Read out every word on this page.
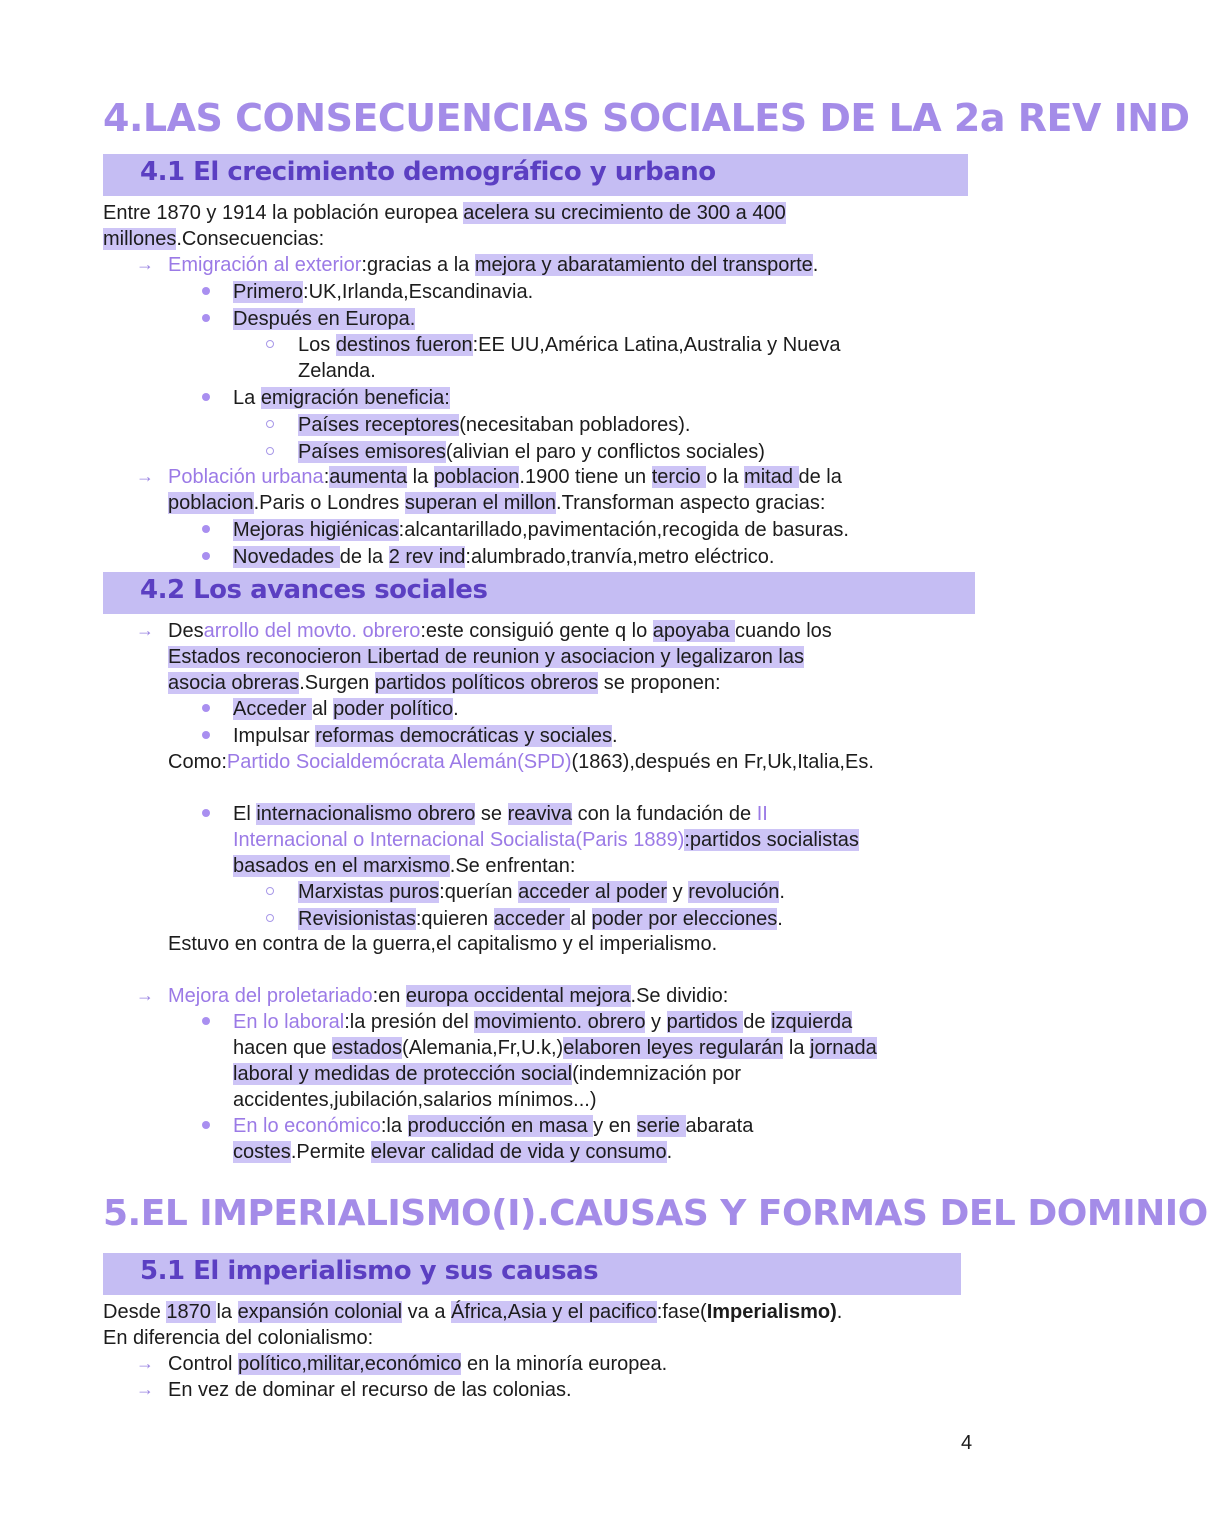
4.LAS CONSECUENCIAS SOCIALES DE LA 2a REV IND
4.1 El crecimiento demográfico y urbano

Entre 1870 y 1914 la población europea acelera su crecimiento de 300 a 400

millones.Consecuencias:

→ Emigración al exterior:gracias a la mejora y abaratamiento del transporte.

Primero:UK,Irlanda,Escandinavia.

Después en Europa.

Los destinos fueron:EE UU,América Latina,Australia y Nueva

Zelanda.

La emigración beneficia:

Países receptores(necesitaban pobladores).

Países emisores(alivian el paro y conflictos sociales)

→ Población urbana:aumenta la poblacion.1900 tiene un tercio o la mitad de la

poblacion.Paris o Londres superan el millon.Transforman aspecto gracias:

Mejoras higiénicas:alcantarillado,pavimentación,recogida de basuras.

Novedades de la 2 rev ind:alumbrado,tranvía,metro eléctrico.

4.2 Los avances sociales
→ Desarrollo del movto. obrero:este consiguió gente q lo apoyaba cuando los

Estados reconocieron Libertad de reunion y asociacion y legalizaron las

asocia obreras.Surgen partidos políticos obreros se proponen:

Acceder al poder político.

Impulsar reformas democráticas y sociales.

Como:Partido Socialdemócrata Alemán(SPD)(1863),después en Fr,Uk,Italia,Es.

El internacionalismo obrero se reaviva con la fundación de II

Internacional o Internacional Socialista(Paris 1889):partidos socialistas

basados en el marxismo.Se enfrentan:

Marxistas puros:querían acceder al poder y revolución.

Revisionistas:quieren acceder al poder por elecciones.

Estuvo en contra de la guerra,el capitalismo y el imperialismo.

→ Mejora del proletariado:en europa occidental mejora.Se dividio:

En lo laboral:la presión del movimiento. obrero y partidos de izquierda

hacen que estados(Alemania,Fr,U.k,)elaboren leyes regularán la jornada

laboral y medidas de protección social(indemnización por

accidentes,jubilación,salarios mínimos...)

En lo económico:la producción en masa y en serie abarata

costes.Permite elevar calidad de vida y consumo.

5.EL IMPERIALISMO(I).CAUSAS Y FORMAS DEL DOMINIO
5.1 El imperialismo y sus causas

Desde 1870 la expansión colonial va a África,Asia y el pacifico:fase(Imperialismo).

En diferencia del colonialismo:

→ Control político,militar,económico en la minoría europea.

→ En vez de dominar el recurso de las colonias.

4
